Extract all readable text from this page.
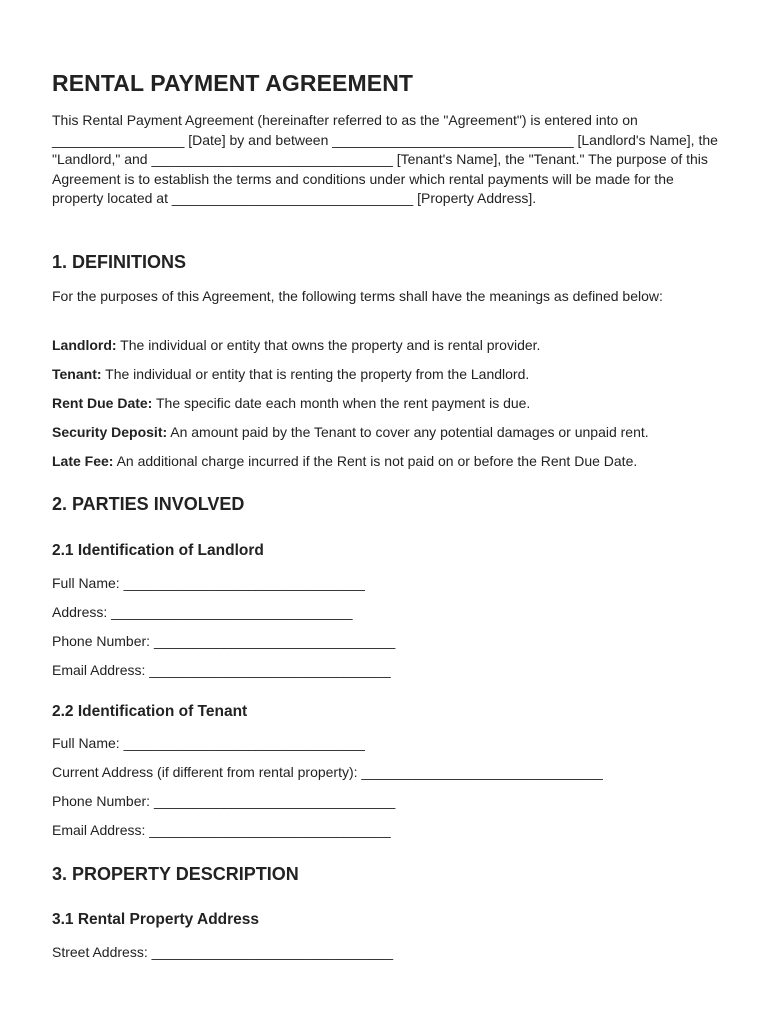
RENTAL PAYMENT AGREEMENT

This Rental Payment Agreement (hereinafter referred to as the "Agreement") is entered into on _________________ [Date] by and between _______________________________ [Landlord's Name], the "Landlord," and _______________________________ [Tenant's Name], the "Tenant." The purpose of this Agreement is to establish the terms and conditions under which rental payments will be made for the property located at _______________________________ [Property Address].

1. DEFINITIONS

For the purposes of this Agreement, the following terms shall have the meanings as defined below:

Landlord: The individual or entity that owns the property and is rental provider.

Tenant: The individual or entity that is renting the property from the Landlord.

Rent Due Date: The specific date each month when the rent payment is due.

Security Deposit: An amount paid by the Tenant to cover any potential damages or unpaid rent.

Late Fee: An additional charge incurred if the Rent is not paid on or before the Rent Due Date.

2. PARTIES INVOLVED
2.1 Identification of Landlord

Full Name: _______________________________

Address: _______________________________

Phone Number: _______________________________

Email Address: _______________________________

2.2 Identification of Tenant

Full Name: _______________________________

Current Address (if different from rental property): _______________________________

Phone Number: _______________________________

Email Address: _______________________________

3. PROPERTY DESCRIPTION
3.1 Rental Property Address

Street Address: _______________________________
